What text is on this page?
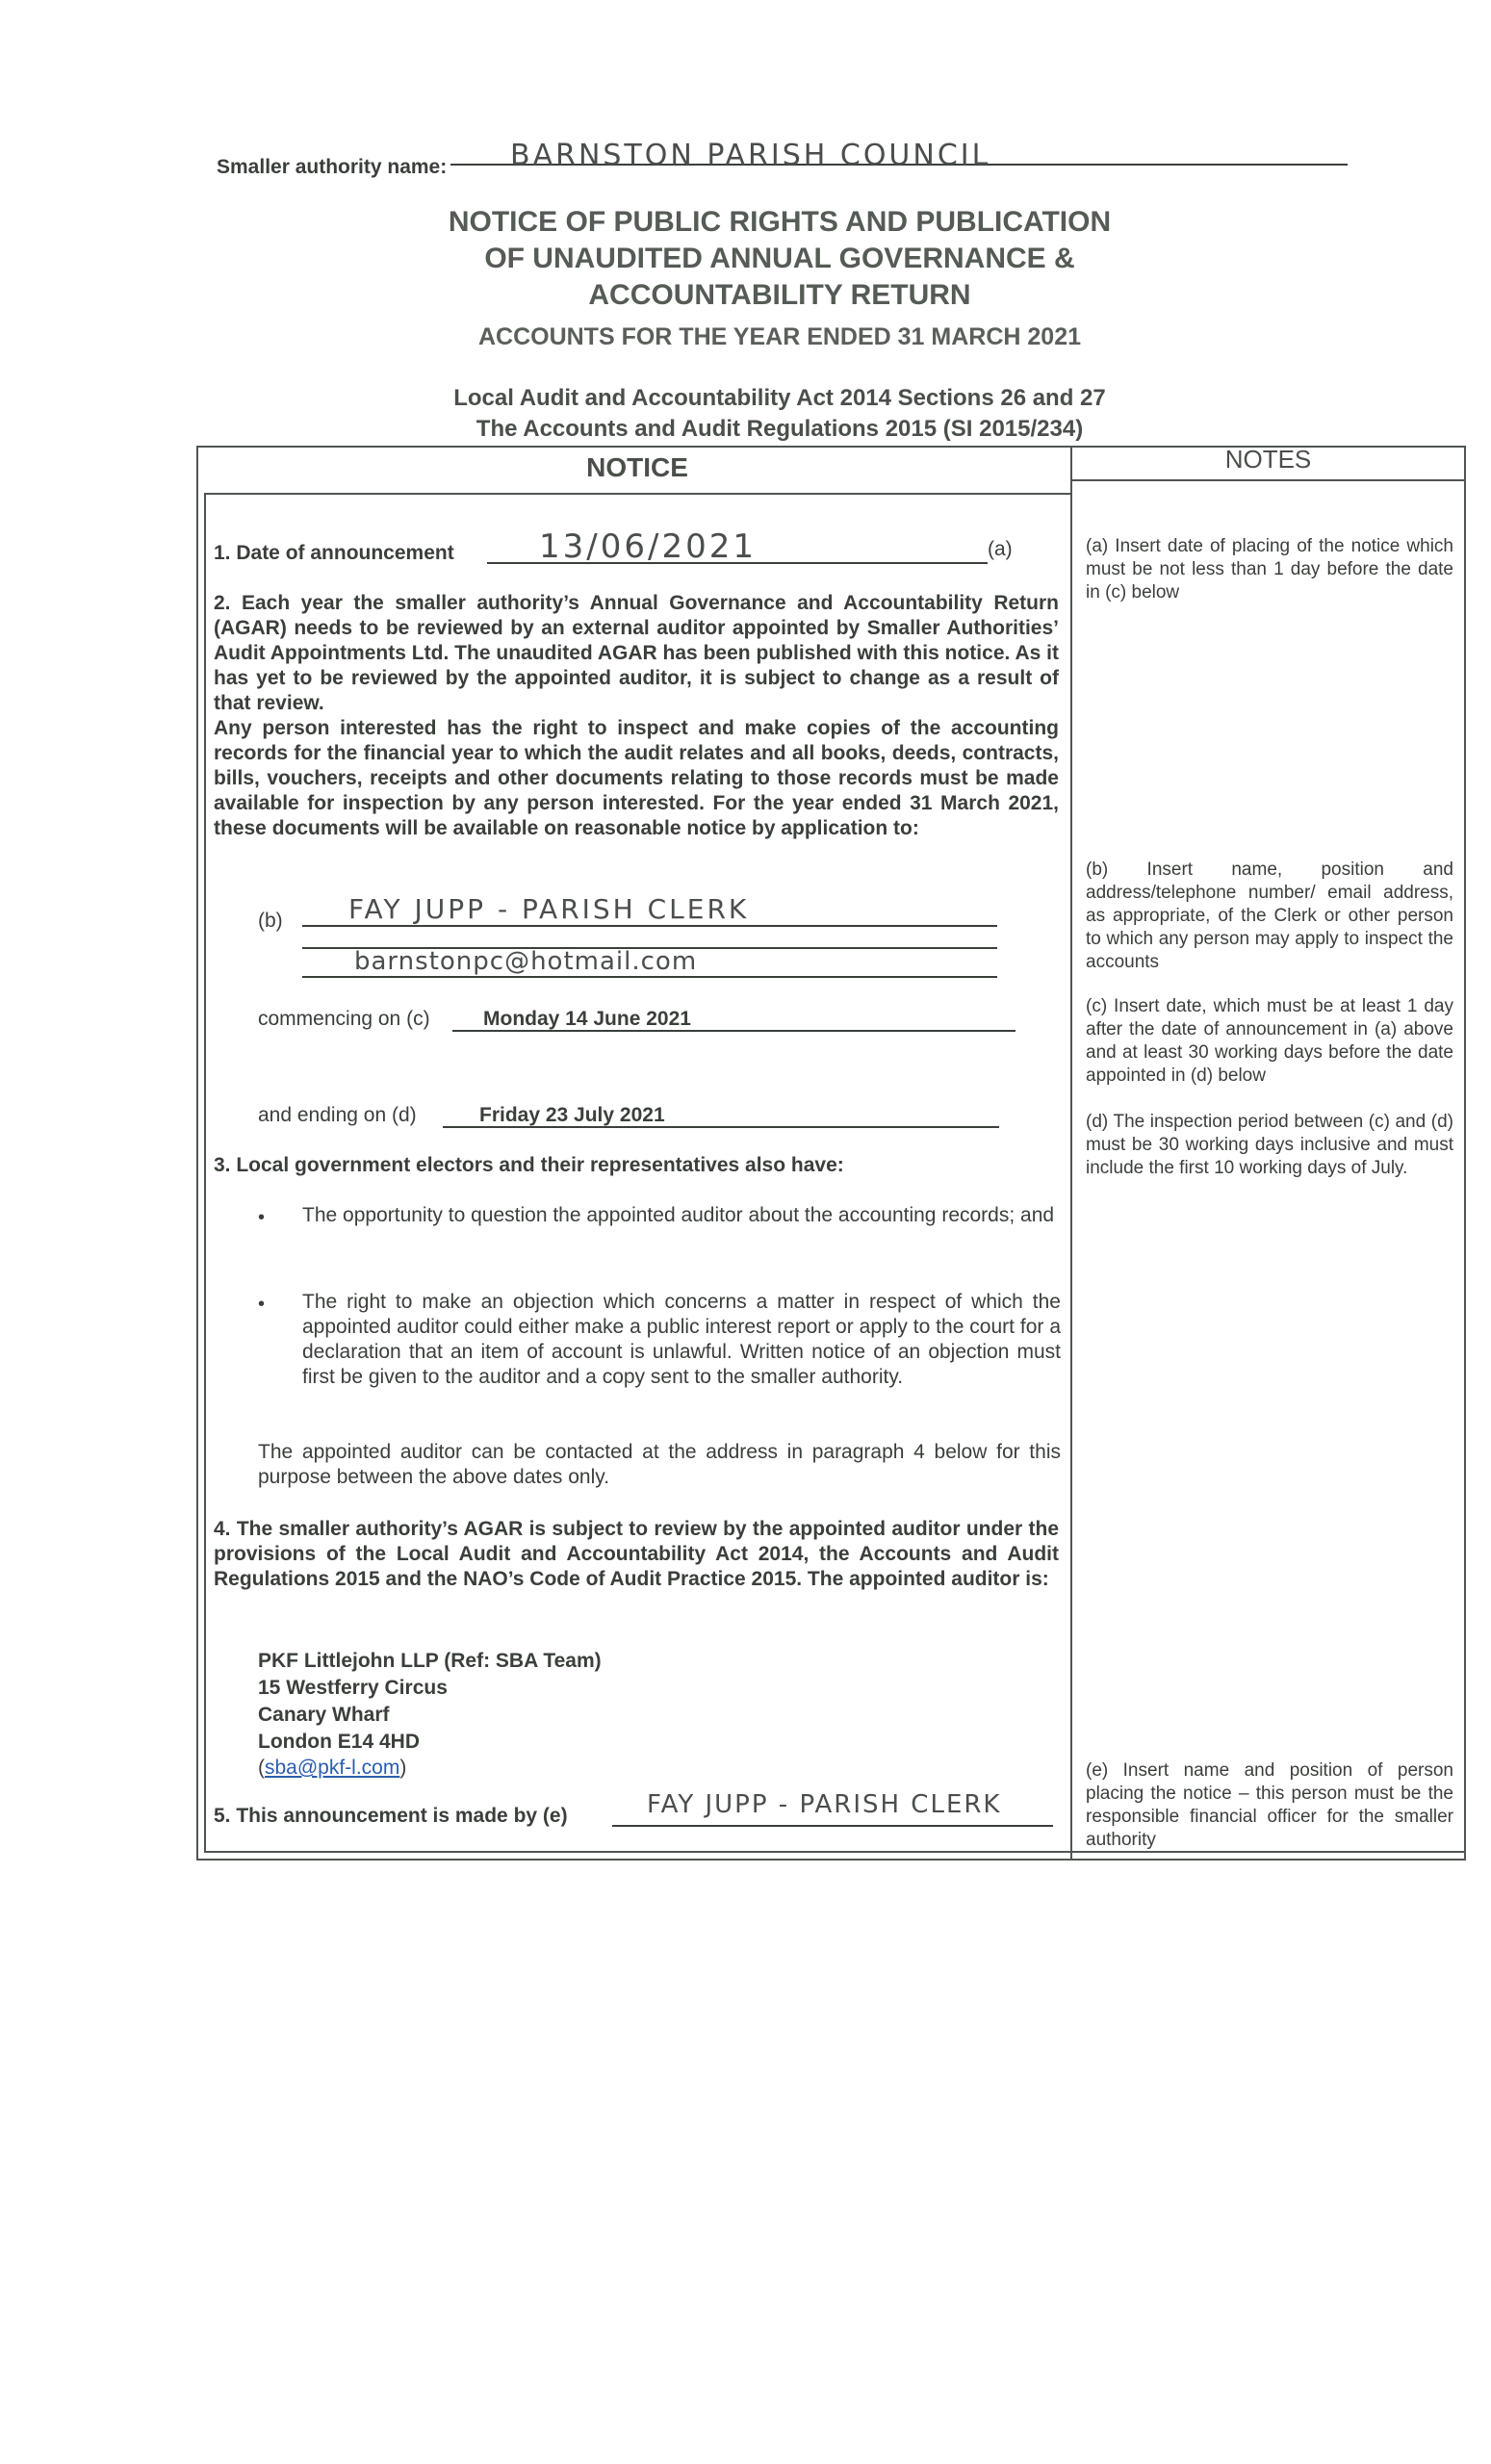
Smaller authority name: BARNSTON PARISH COUNCIL
NOTICE OF PUBLIC RIGHTS AND PUBLICATION
OF UNAUDITED ANNUAL GOVERNANCE &
ACCOUNTABILITY RETURN
ACCOUNTS FOR THE YEAR ENDED 31 MARCH 2021
Local Audit and Accountability Act 2014 Sections 26 and 27
The Accounts and Audit Regulations 2015 (SI 2015/234)
NOTICE	NOTES
1. Date of announcement	13/06/2021	(a)
2. Each year the smaller authority’s Annual Governance and Accountability Return (AGAR) needs to be reviewed by an external auditor appointed by Smaller Authorities’ Audit Appointments Ltd. The unaudited AGAR has been published with this notice. As it has yet to be reviewed by the appointed auditor, it is subject to change as a result of that review.
Any person interested has the right to inspect and make copies of the accounting records for the financial year to which the audit relates and all books, deeds, contracts, bills, vouchers, receipts and other documents relating to those records must be made available for inspection by any person interested. For the year ended 31 March 2021, these documents will be available on reasonable notice by application to:
(b) FAY JUPP - PARISH CLERK
barnstonpc@hotmail.com
commencing on (c)	Monday 14 June 2021
and ending on (d)	Friday 23 July 2021
3. Local government electors and their representatives also have:
• The opportunity to question the appointed auditor about the accounting records; and
• The right to make an objection which concerns a matter in respect of which the appointed auditor could either make a public interest report or apply to the court for a declaration that an item of account is unlawful. Written notice of an objection must first be given to the auditor and a copy sent to the smaller authority.
The appointed auditor can be contacted at the address in paragraph 4 below for this purpose between the above dates only.
4. The smaller authority’s AGAR is subject to review by the appointed auditor under the provisions of the Local Audit and Accountability Act 2014, the Accounts and Audit Regulations 2015 and the NAO’s Code of Audit Practice 2015. The appointed auditor is:
PKF Littlejohn LLP (Ref: SBA Team)
15 Westferry Circus
Canary Wharf
London E14 4HD
(sba@pkf-l.com)
5. This announcement is made by (e)	FAY JUPP - PARISH CLERK
(a) Insert date of placing of the notice which must be not less than 1 day before the date in (c) below
(b) Insert name, position and address/telephone number/ email address, as appropriate, of the Clerk or other person to which any person may apply to inspect the accounts
(c) Insert date, which must be at least 1 day after the date of announcement in (a) above and at least 30 working days before the date appointed in (d) below
(d) The inspection period between (c) and (d) must be 30 working days inclusive and must include the first 10 working days of July.
(e) Insert name and position of person placing the notice – this person must be the responsible financial officer for the smaller authority
